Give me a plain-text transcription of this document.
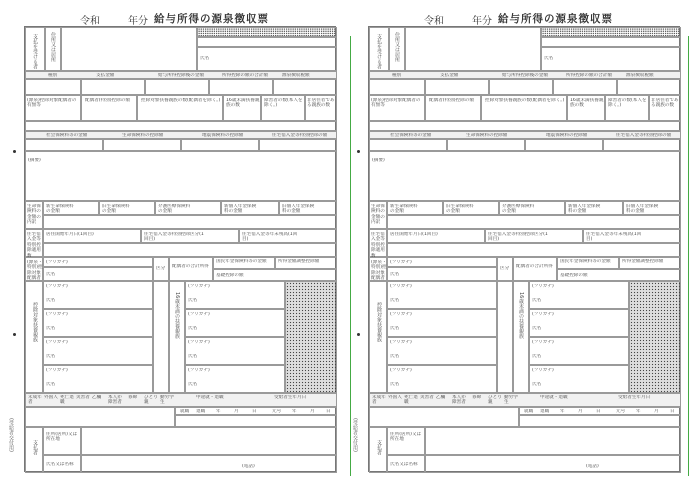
令和	年分 給与所得の源泉徴収票
(受給者交付用)
支払を受ける者 住所又は居所	氏名
種別	支払金額	給与所得控除後の金額	所得控除の額の合計額	源泉徴収税額
(源泉)控除対象配偶者の有無等
配偶者(特別)控除の額	控除対象扶養親族の数(配偶者を除く。) 16歳未満扶養親族の数
障害者の数(本人を除く。)
非居住者である親族の数
社会保険料等の金額	生命保険料の控除額	地震保険料の控除額	住宅借入金等特別控除の額
(摘要)
生命保険料の金額の内訳
新生命保険料の金額
旧生命保険料の金額
介護医療保険料の金額
新個人年金保険料の金額
旧個人年金保険料の金額
住宅借入金等特別控除適用数
居住開始年月日(1回目)	住宅借入金等特別控除区分(1回目)
住宅借入金等年末残高(1回目)
(源泉・特別)控除対象配偶者
(フリガナ)
氏名
区分 配偶者の合計所得
国民年金保険料等の金額	所得金額調整控除額
基礎控除の額
控除対象扶養親族
(フリガナ)
氏名
(フリガナ)
氏名
(フリガナ)
氏名
(フリガナ)
氏名
16歳未満の扶養親族
(フリガナ)
氏名
(フリガナ)
氏名
(フリガナ)
氏名
(フリガナ)
氏名
未成年者
外国人 死亡退職
災害者 乙欄	本人が障害者
寡婦	ひとり親
勤労学生
中途就・退職	受給者生年月日
就職 退職 年	月	日	元号 年	月 日
支払者
住所(居所)又は所在地
氏名又は名称	(電話)
令和	年分 給与所得の源泉徴収票
(受給者交付用)
支払を受ける者 住所又は居所	氏名
種別	支払金額	給与所得控除後の金額	所得控除の額の合計額	源泉徴収税額
(源泉)控除対象配偶者の有無等
配偶者(特別)控除の額	控除対象扶養親族の数(配偶者を除く。) 16歳未満扶養親族の数
障害者の数(本人を除く。)
非居住者である親族の数
社会保険料等の金額	生命保険料の控除額	地震保険料の控除額	住宅借入金等特別控除の額
(摘要)
生命保険料の金額の内訳
新生命保険料の金額
旧生命保険料の金額
介護医療保険料の金額
新個人年金保険料の金額
旧個人年金保険料の金額
住宅借入金等特別控除適用数
居住開始年月日(1回目)	住宅借入金等特別控除区分(1回目)
住宅借入金等年末残高(1回目)
(源泉・特別)控除対象配偶者
(フリガナ)
氏名
区分 配偶者の合計所得
国民年金保険料等の金額	所得金額調整控除額
基礎控除の額
控除対象扶養親族
(フリガナ)
氏名
(フリガナ)
氏名
(フリガナ)
氏名
(フリガナ)
氏名
16歳未満の扶養親族
(フリガナ)
氏名
(フリガナ)
氏名
(フリガナ)
氏名
(フリガナ)
氏名
未成年者
外国人 死亡退職
災害者 乙欄	本人が障害者
寡婦	ひとり親
勤労学生
中途就・退職	受給者生年月日
就職 退職 年	月	日	元号 年	月 日
支払者
住所(居所)又は所在地
氏名又は名称	(電話)
